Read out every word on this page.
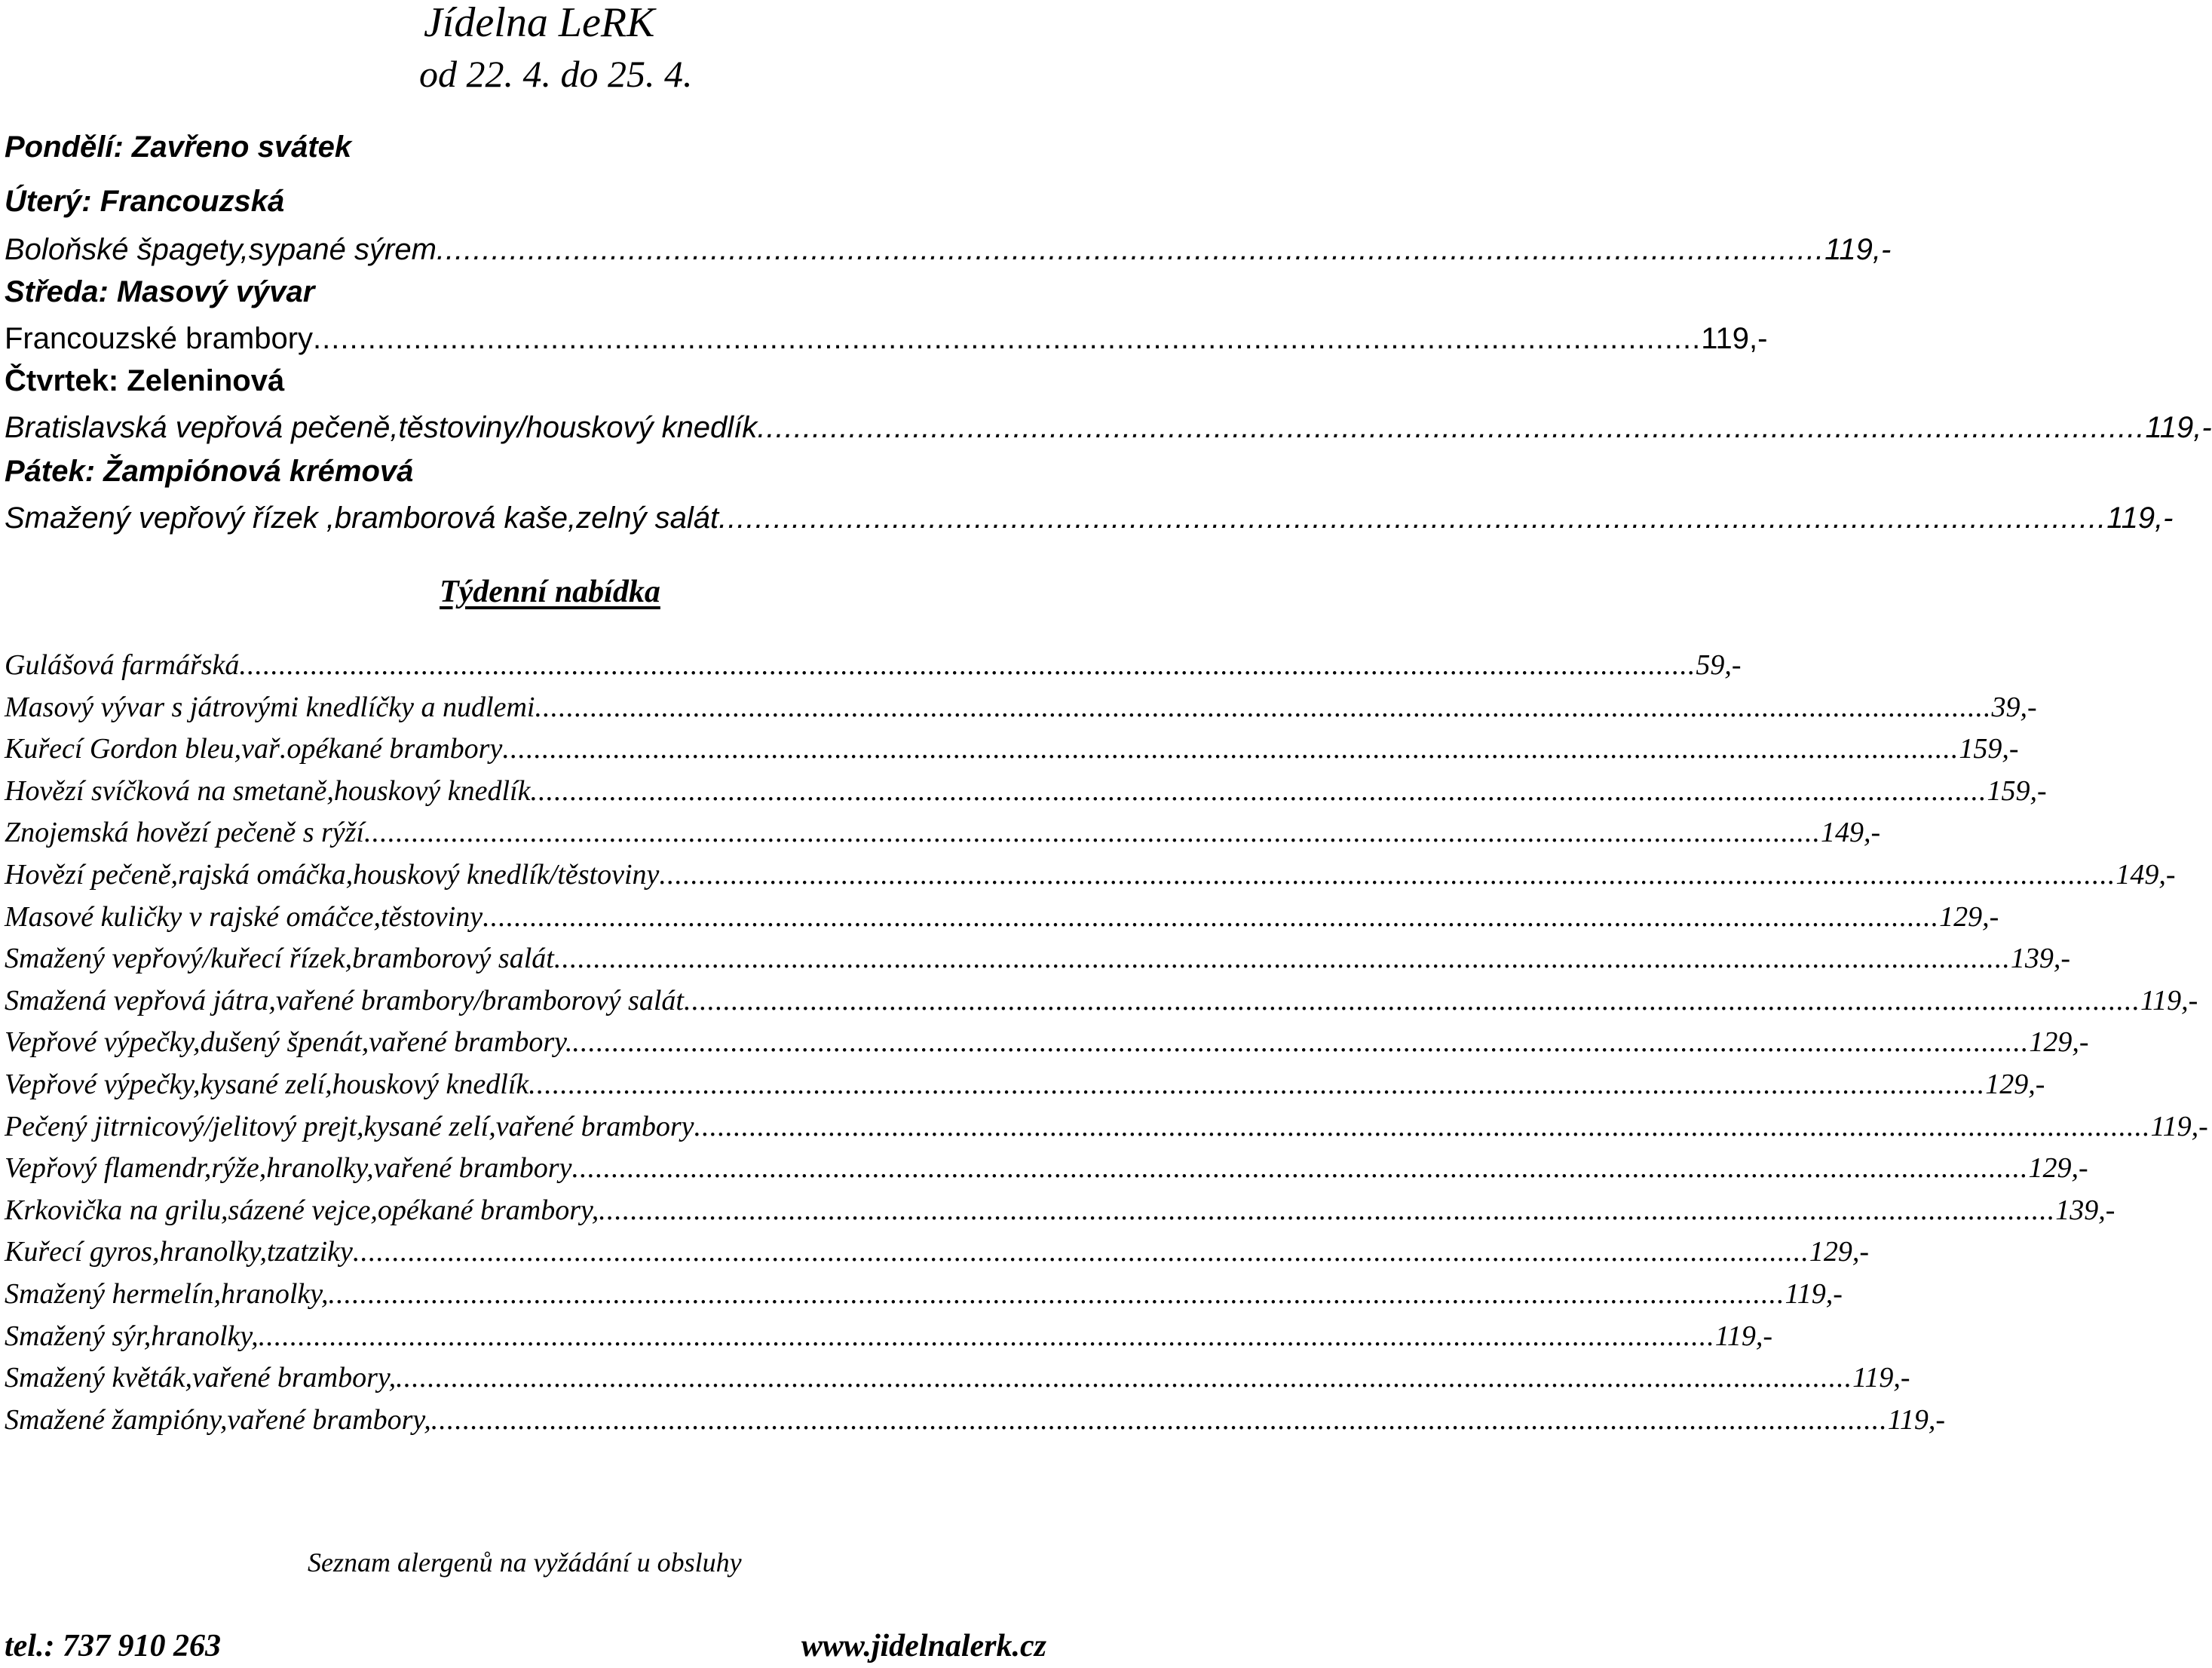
Jídelna LeRK
od 22. 4. do 25. 4.
Pondělí: Zavřeno svátek
Úterý: Francouzská
Boloňské špagety,sypané sýrem ........................................................................................................................................................ 119,-
Středa: Masový vývar
Francouzské brambory ........................................................................................................................................................ 119,-
Čtvrtek: Zeleninová
Bratislavská vepřová pečeně,těstoviny/houskový knedlík ........................................................................................................................................................ 119,-
Pátek: Žampiónová krémová
Smažený vepřový řízek ,bramborová kaše,zelný salát ........................................................................................................................................................ 119,-
Týdenní nabídka
Gulášová farmářská ........................................................................................................................................................................................ 59,-
Masový vývar s játrovými knedlíčky a nudlemi ........................................................................................................................................................................................ 39,-
Kuřecí Gordon bleu,vař.opékané brambory ........................................................................................................................................................................................ 159,-
Hovězí svíčková na smetaně,houskový knedlík ........................................................................................................................................................................................ 159,-
Znojemská hovězí pečeně s rýží ........................................................................................................................................................................................ 149,-
Hovězí pečeně,rajská omáčka,houskový knedlík/těstoviny ........................................................................................................................................................................................ 149,-
Masové kuličky v rajské omáčce,těstoviny ........................................................................................................................................................................................ 129,-
Smažený vepřový/kuřecí řízek,bramborový salát ........................................................................................................................................................................................ 139,-
Smažená vepřová játra,vařené brambory/bramborový salát ........................................................................................................................................................................................ 119,-
Vepřové výpečky,dušený špenát,vařené brambory. ........................................................................................................................................................................................ 129,-
Vepřové výpečky,kysané zelí,houskový knedlík ........................................................................................................................................................................................ 129,-
Pečený jitrnicový/jelitový prejt,kysané zelí,vařené brambory ........................................................................................................................................................................................ 119,-
Vepřový flamendr,rýže,hranolky,vařené brambory ........................................................................................................................................................................................ 129,-
Krkovička na grilu,sázené vejce,opékané brambory, ........................................................................................................................................................................................ 139,-
Kuřecí gyros,hranolky,tzatziky ........................................................................................................................................................................................ 129,-
Smažený hermelín,hranolky, ........................................................................................................................................................................................ 119,-
Smažený sýr,hranolky, ........................................................................................................................................................................................ 119,-
Smažený květák,vařené brambory, ........................................................................................................................................................................................ 119,-
Smažené žampióny,vařené brambory, ........................................................................................................................................................................................ 119,-
Seznam alergenů na vyžádání u obsluhy
tel.: 737 910 263	www.jidelnalerk.cz
